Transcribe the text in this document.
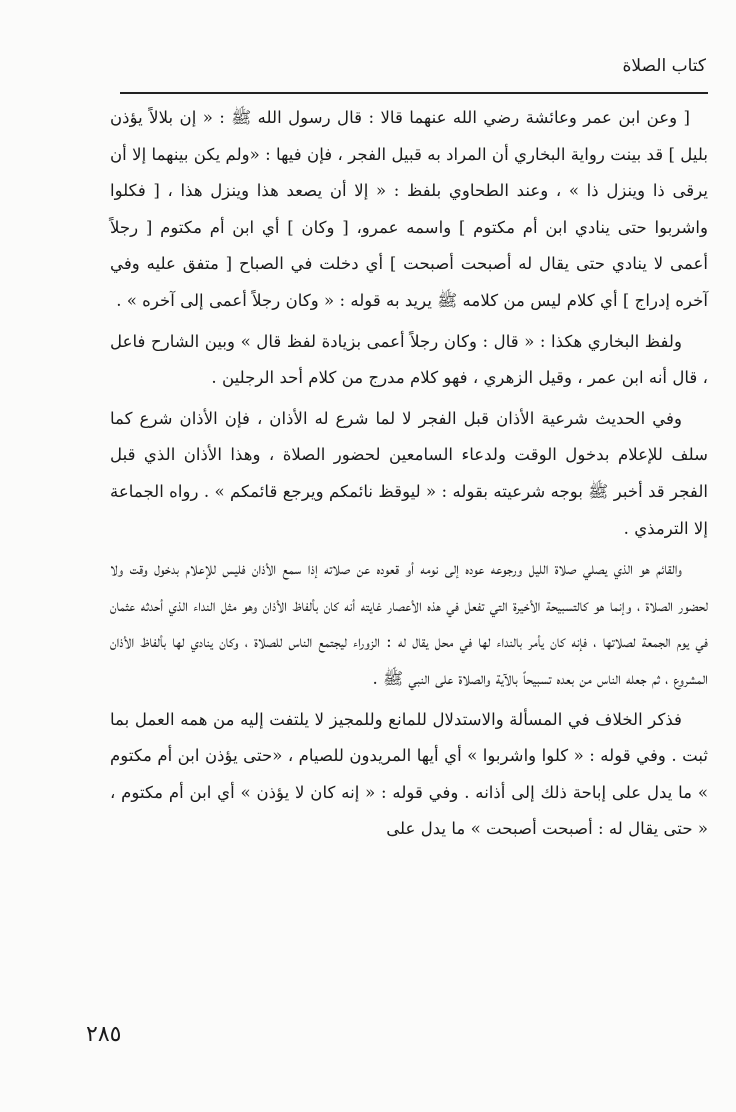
كتاب الصلاة

[ وعن ابن عمر وعائشة رضي الله عنهما قالا : قال رسول الله ﷺ : « إن بلالاً يؤذن بليل ] قد بينت رواية البخاري أن المراد به قبيل الفجر ، فإن فيها : «ولم يكن بينهما إلا أن يرقى ذا وينزل ذا » ، وعند الطحاوي بلفظ : « إلا أن يصعد هذا وينزل هذا ، [ فكلوا واشربوا حتى ينادي ابن أم مكتوم ] واسمه عمرو، [ وكان ] أي ابن أم مكتوم [ رجلاً أعمى لا ينادي حتى يقال له أصبحت أصبحت ] أي دخلت في الصباح [ متفق عليه وفي آخره إدراج ] أي كلام ليس من كلامه ﷺ يريد به قوله : « وكان رجلاً أعمى إلى آخره » .

ولفظ البخاري هكذا : « قال : وكان رجلاً أعمى بزيادة لفظ قال » وبين الشارح فاعل ، قال أنه ابن عمر ، وقيل الزهري ، فهو كلام مدرج من كلام أحد الرجلين .

وفي الحديث شرعية الأذان قبل الفجر لا لما شرع له الأذان ، فإن الأذان شرع كما سلف للإعلام بدخول الوقت ولدعاء السامعين لحضور الصلاة ، وهذا الأذان الذي قبل الفجر قد أخبر ﷺ بوجه شرعيته بقوله : « ليوقظ نائمكم ويرجع قائمكم » . رواه الجماعة إلا الترمذي .

والقائم هو الذي يصلي صلاة الليل ورجوعه عوده إلى نومه أو قعوده عن صلاته إذا سمع الأذان فليس للإعلام بدخول وقت ولا لحضور الصلاة ، وإنما هو كالتسبيحة الأخيرة التي تفعل في هذه الأعصار غايته أنه كان بألفاظ الأذان وهو مثل النداء الذي أحدثه عثمان في يوم الجمعة لصلاتها ، فإنه كان يأمر بالنداء لها في محل يقال له : الزوراء ليجتمع الناس للصلاة ، وكان ينادي لها بألفاظ الأذان المشروع ، ثم جعله الناس من بعده تسبيحاً بالآية والصلاة على النبي ﷺ .

فذكر الخلاف في المسألة والاستدلال للمانع وللمجيز لا يلتفت إليه من همه العمل بما ثبت . وفي قوله : « كلوا واشربوا » أي أيها المريدون للصيام ، «حتى يؤذن ابن أم مكتوم » ما يدل على إباحة ذلك إلى أذانه . وفي قوله : « إنه كان لا يؤذن » أي ابن أم مكتوم ، « حتى يقال له : أصبحت أصبحت » ما يدل على

٢٨٥
